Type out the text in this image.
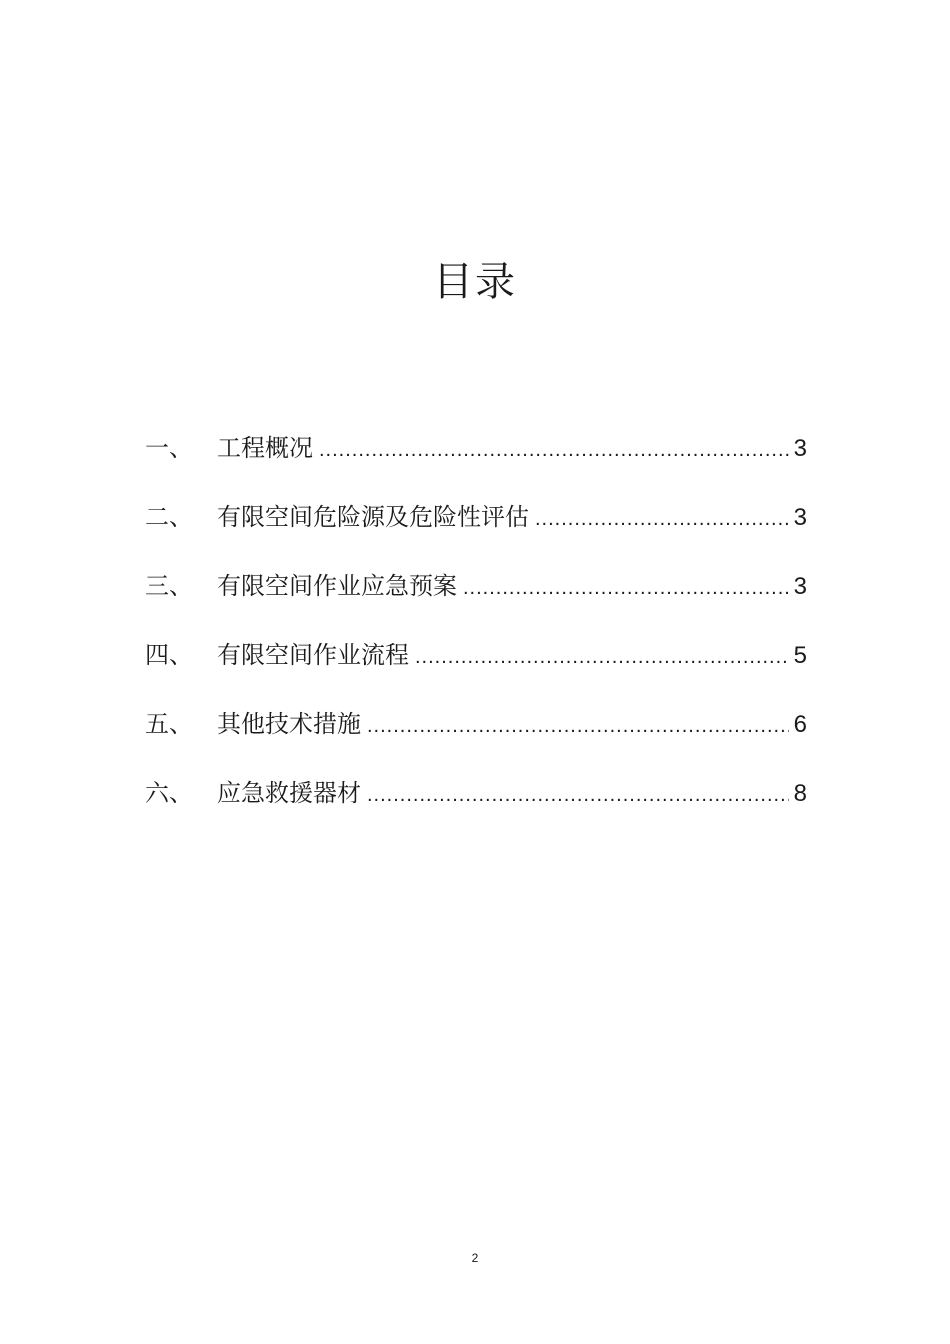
目录
一、	工程概况 .....	3
二、	有限空间危险源及危险性评估 .....	3
三、	有限空间作业应急预案 .....	3
四、	有限空间作业流程 .....	5
五、	其他技术措施 .....	6
六、	应急救援器材 .....	8
2
